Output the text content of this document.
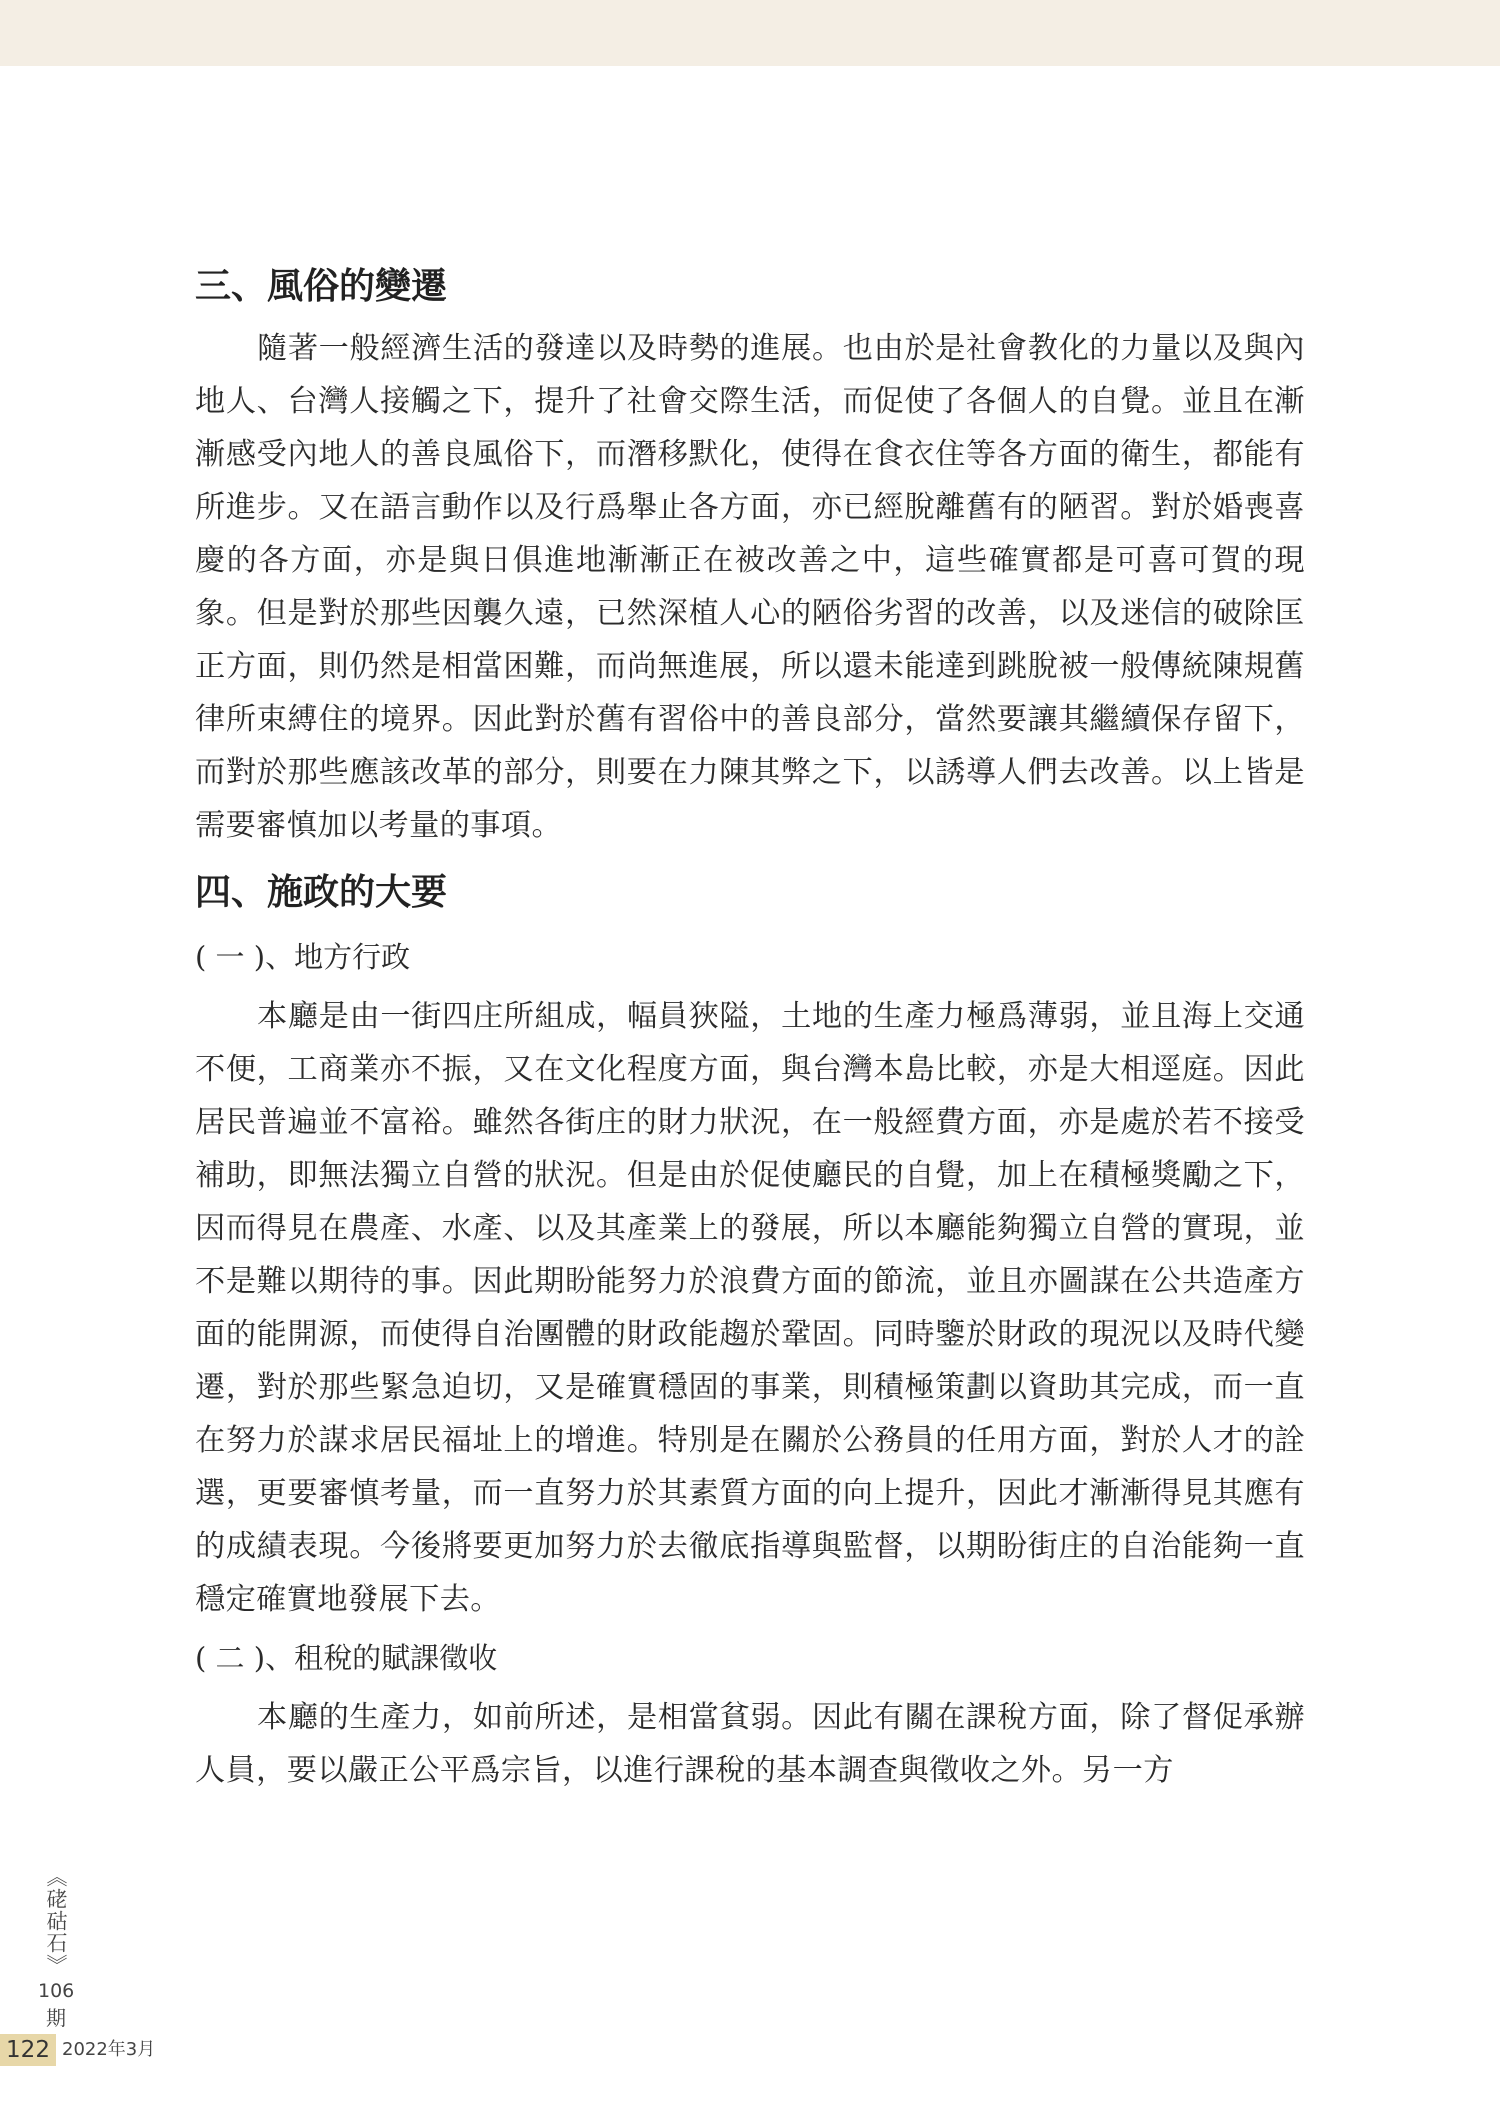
三、風俗的變遷

隨著一般經濟生活的發達以及時勢的進展。也由於是社會教化的力量以及與內地人、台灣人接觸之下，提升了社會交際生活，而促使了各個人的自覺。並且在漸漸感受內地人的善良風俗下，而潛移默化，使得在食衣住等各方面的衛生，都能有所進步。又在語言動作以及行爲舉止各方面，亦已經脫離舊有的陋習。對於婚喪喜慶的各方面，亦是與日俱進地漸漸正在被改善之中，這些確實都是可喜可賀的現象。但是對於那些因襲久遠，已然深植人心的陋俗劣習的改善，以及迷信的破除匡正方面，則仍然是相當困難，而尚無進展，所以還未能達到跳脫被一般傳統陳規舊律所束縛住的境界。因此對於舊有習俗中的善良部分，當然要讓其繼續保存留下，而對於那些應該改革的部分，則要在力陳其弊之下，以誘導人們去改善。以上皆是需要審慎加以考量的事項。

四、施政的大要
( 一 )、地方行政

本廳是由一街四庄所組成，幅員狹隘，土地的生產力極爲薄弱，並且海上交通不便，工商業亦不振，又在文化程度方面，與台灣本島比較，亦是大相逕庭。因此居民普遍並不富裕。雖然各街庄的財力狀況，在一般經費方面，亦是處於若不接受補助，即無法獨立自營的狀況。但是由於促使廳民的自覺，加上在積極獎勵之下，因而得見在農產、水產、以及其產業上的發展，所以本廳能夠獨立自營的實現，並不是難以期待的事。因此期盼能努力於浪費方面的節流，並且亦圖謀在公共造產方面的能開源，而使得自治團體的財政能趨於鞏固。同時鑒於財政的現況以及時代變遷，對於那些緊急迫切，又是確實穩固的事業，則積極策劃以資助其完成，而一直在努力於謀求居民福址上的增進。特別是在關於公務員的任用方面，對於人才的詮選，更要審慎考量，而一直努力於其素質方面的向上提升，因此才漸漸得見其應有的成績表現。今後將要更加努力於去徹底指導與監督，以期盼街庄的自治能夠一直穩定確實地發展下去。

( 二 )、租稅的賦課徵收

本廳的生產力，如前所述，是相當貧弱。因此有關在課稅方面，除了督促承辦人員，要以嚴正公平爲宗旨，以進行課稅的基本調查與徵收之外。另一方

《硓𥑮石》
106
期
122 2022年3月
